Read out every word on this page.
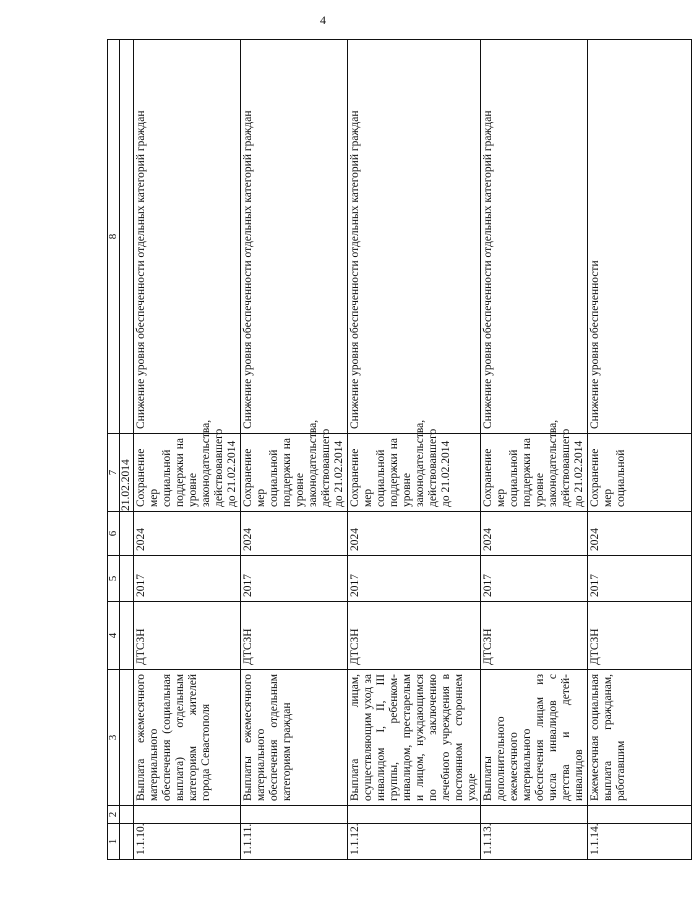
4
1	2	3	4	5	6	7	8
						21.02.2014	
1.1.10.		Выплата ежемесячного материального обеспечения (социальная выплата) отдельным категориям жителей города Севастополя	ДТСЗН	2017	2024	Сохранение мер социальной поддержки на уровне законодательства, действовавшего до 21.02.2014	Снижение уровня обеспеченности отдельных категорий граждан
1.1.11.		Выплаты ежемесячного материального обеспечения отдельным категориям граждан	ДТСЗН	2017	2024	Сохранение мер социальной поддержки на уровне законодательства, действовавшего до 21.02.2014	Снижение уровня обеспеченности отдельных категорий граждан
1.1.12.		Выплата лицам, осуществляющим уход за инвалидом I, II, III группы, ребенком-инвалидом, престарелым и лицом, нуждающимся по заключению лечебного учреждения в постоянном стороннем уходе	ДТСЗН	2017	2024	Сохранение мер социальной поддержки на уровне законодательства, действовавшего до 21.02.2014	Снижение уровня обеспеченности отдельных категорий граждан
1.1.13.		Выплаты дополнительного ежемесячного материального обеспечения лицам из числа инвалидов с детства и детей-инвалидов	ДТСЗН	2017	2024	Сохранение мер социальной поддержки на уровне законодательства, действовавшего до 21.02.2014	Снижение уровня обеспеченности отдельных категорий граждан
1.1.14.		Ежемесячная социальная выплата гражданам, работавшим	ДТСЗН	2017	2024	Сохранение мер социальной	Снижение уровня обеспеченности
